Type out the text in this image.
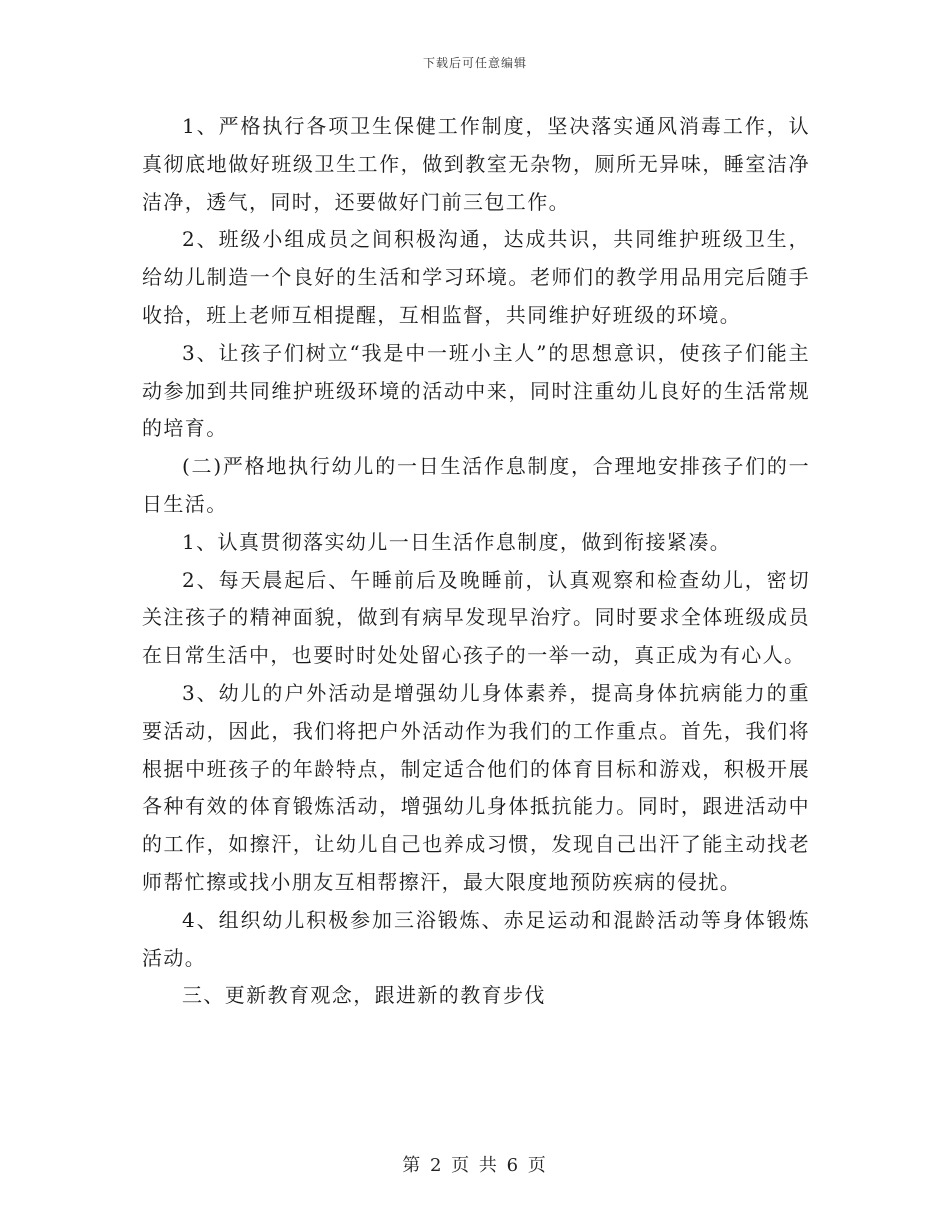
下载后可任意编辑

1、严格执行各项卫生保健工作制度，坚决落实通风消毒工作，认真彻底地做好班级卫生工作，做到教室无杂物，厕所无异味，睡室洁净洁净，透气，同时，还要做好门前三包工作。

2、班级小组成员之间积极沟通，达成共识，共同维护班级卫生，给幼儿制造一个良好的生活和学习环境。老师们的教学用品用完后随手收拾，班上老师互相提醒，互相监督，共同维护好班级的环境。

3、让孩子们树立“我是中一班小主人”的思想意识，使孩子们能主动参加到共同维护班级环境的活动中来，同时注重幼儿良好的生活常规的培育。

(二)严格地执行幼儿的一日生活作息制度，合理地安排孩子们的一日生活。

1、认真贯彻落实幼儿一日生活作息制度，做到衔接紧凑。

2、每天晨起后、午睡前后及晚睡前，认真观察和检查幼儿，密切关注孩子的精神面貌，做到有病早发现早治疗。同时要求全体班级成员在日常生活中，也要时时处处留心孩子的一举一动，真正成为有心人。

3、幼儿的户外活动是增强幼儿身体素养，提高身体抗病能力的重要活动，因此，我们将把户外活动作为我们的工作重点。首先，我们将根据中班孩子的年龄特点，制定适合他们的体育目标和游戏，积极开展各种有效的体育锻炼活动，增强幼儿身体抵抗能力。同时，跟进活动中的工作，如擦汗，让幼儿自己也养成习惯，发现自己出汗了能主动找老师帮忙擦或找小朋友互相帮擦汗，最大限度地预防疾病的侵扰。

4、组织幼儿积极参加三浴锻炼、赤足运动和混龄活动等身体锻炼活动。

三、更新教育观念，跟进新的教育步伐

第 2 页 共 6 页
